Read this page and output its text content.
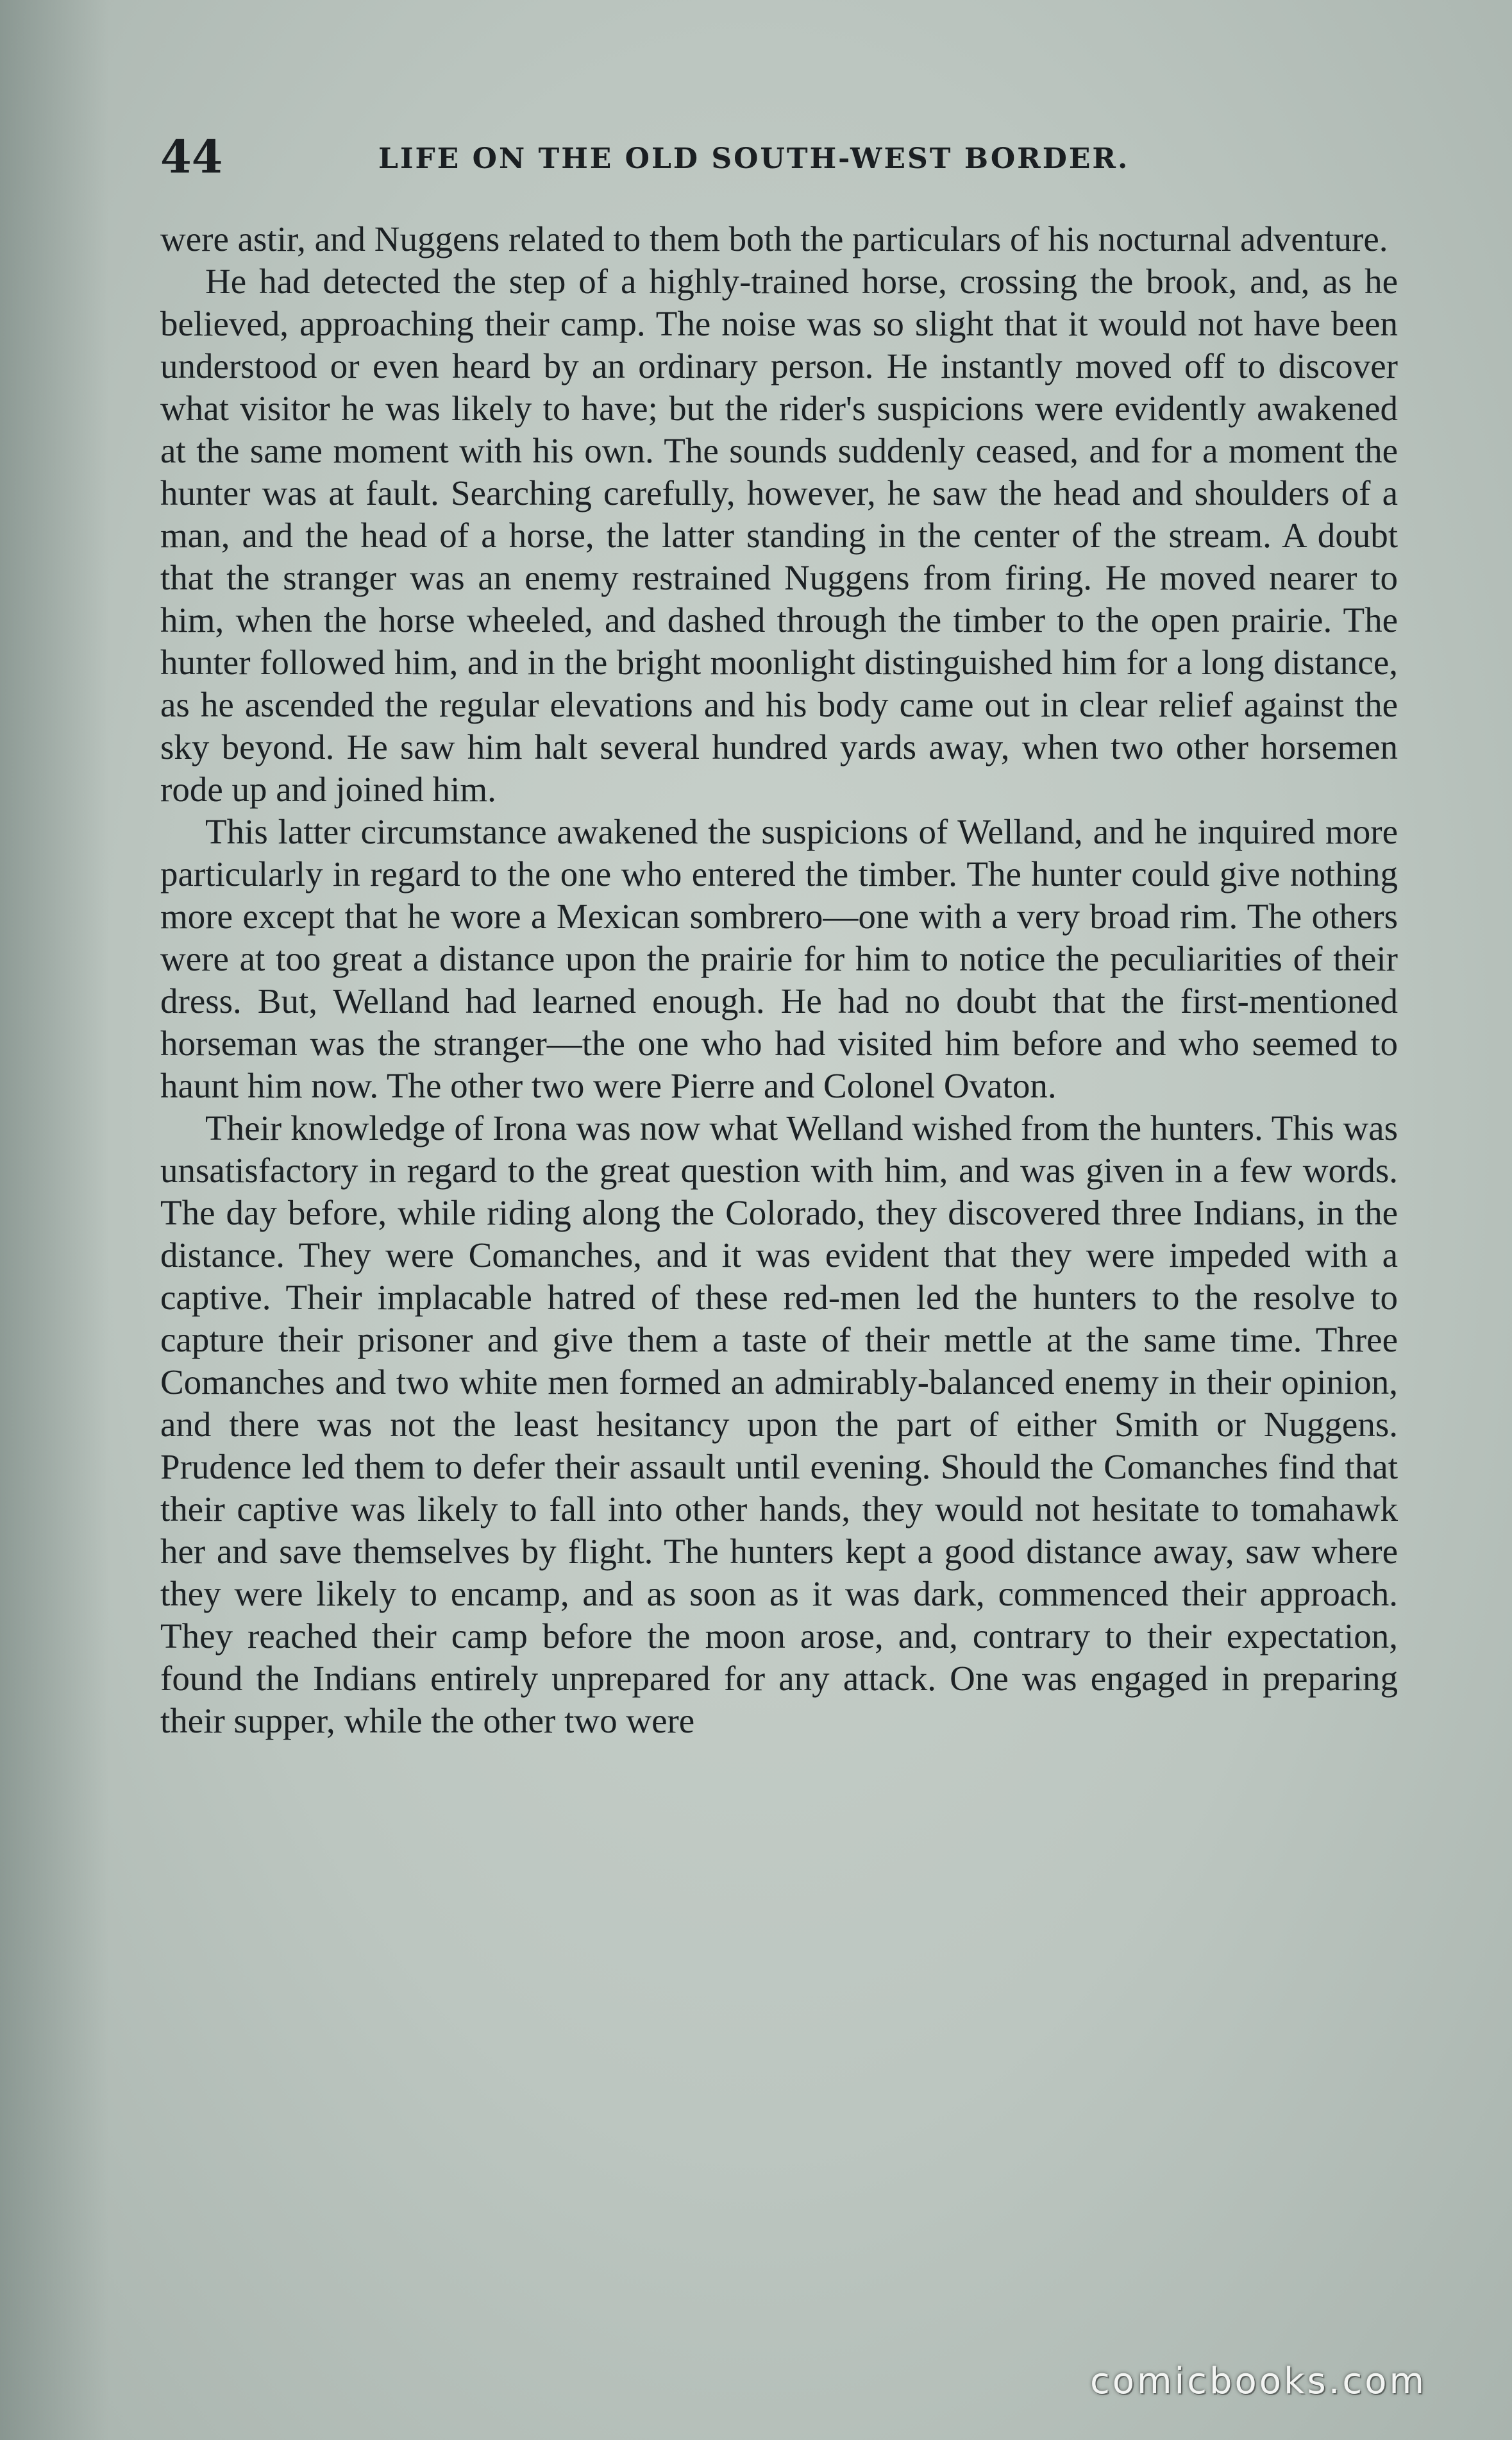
44	LIFE ON THE OLD SOUTH-WEST BORDER.

were astir, and Nuggens related to them both the particulars of his nocturnal adventure.

He had detected the step of a highly-trained horse, crossing the brook, and, as he believed, approaching their camp. The noise was so slight that it would not have been understood or even heard by an ordinary person. He instantly moved off to discover what visitor he was likely to have; but the rider's suspicions were evidently awakened at the same moment with his own. The sounds suddenly ceased, and for a moment the hunter was at fault. Searching carefully, however, he saw the head and shoulders of a man, and the head of a horse, the latter standing in the center of the stream. A doubt that the stranger was an enemy restrained Nuggens from firing. He moved nearer to him, when the horse wheeled, and dashed through the timber to the open prairie. The hunter followed him, and in the bright moonlight distinguished him for a long distance, as he ascended the regular elevations and his body came out in clear relief against the sky beyond. He saw him halt several hundred yards away, when two other horsemen rode up and joined him.

This latter circumstance awakened the suspicions of Welland, and he inquired more particularly in regard to the one who entered the timber. The hunter could give nothing more except that he wore a Mexican sombrero—one with a very broad rim. The others were at too great a distance upon the prairie for him to notice the peculiarities of their dress. But, Welland had learned enough. He had no doubt that the first-mentioned horseman was the stranger—the one who had visited him before and who seemed to haunt him now. The other two were Pierre and Colonel Ovaton.

Their knowledge of Irona was now what Welland wished from the hunters. This was unsatisfactory in regard to the great question with him, and was given in a few words. The day before, while riding along the Colorado, they discovered three Indians, in the distance. They were Comanches, and it was evident that they were impeded with a captive. Their implacable hatred of these red-men led the hunters to the resolve to capture their prisoner and give them a taste of their mettle at the same time. Three Comanches and two white men formed an admirably-balanced enemy in their opinion, and there was not the least hesitancy upon the part of either Smith or Nuggens. Prudence led them to defer their assault until evening. Should the Comanches find that their captive was likely to fall into other hands, they would not hesitate to tomahawk her and save themselves by flight. The hunters kept a good distance away, saw where they were likely to encamp, and as soon as it was dark, commenced their approach. They reached their camp before the moon arose, and, contrary to their expectation, found the Indians entirely unprepared for any attack. One was engaged in preparing their supper, while the other two were

comicbooks.com
